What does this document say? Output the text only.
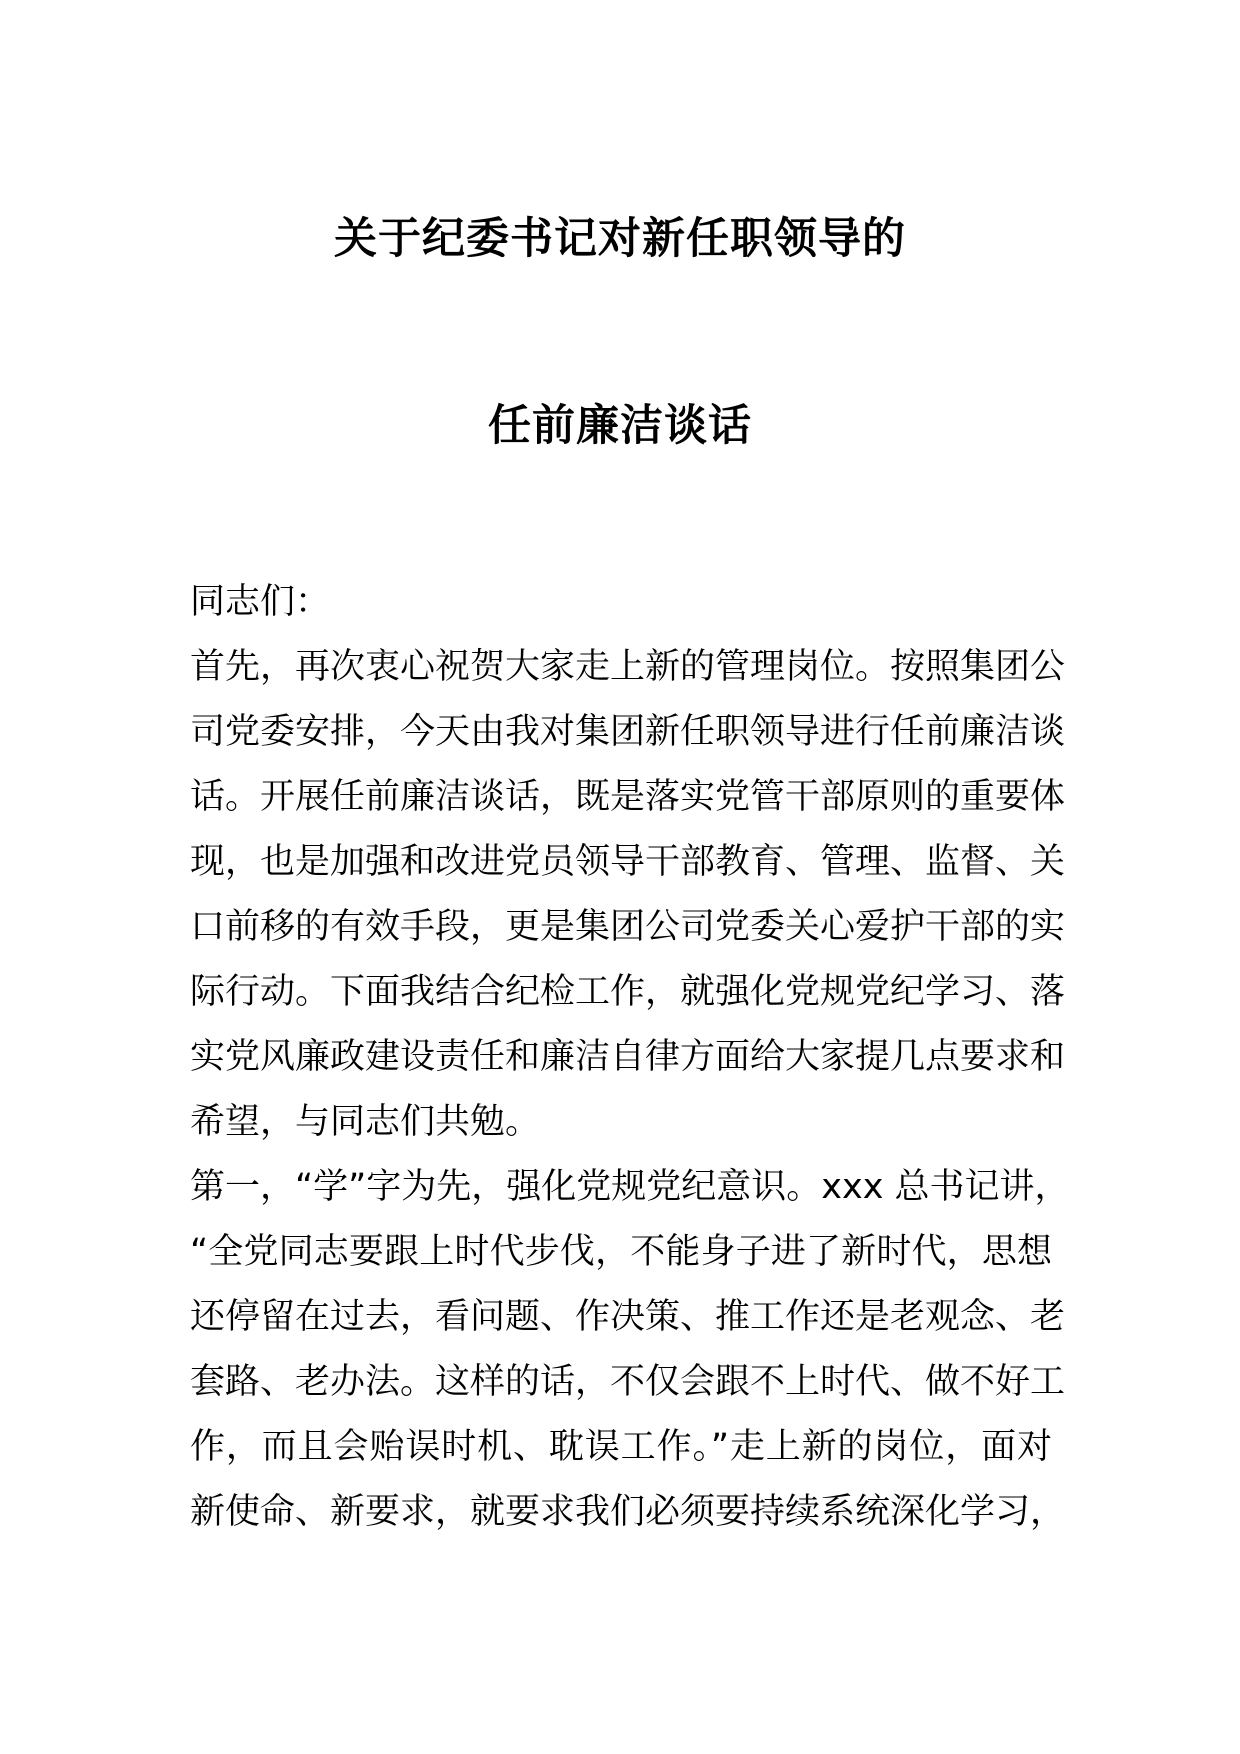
关于纪委书记对新任职领导的
任前廉洁谈话
同志们：
首先，再次衷心祝贺大家走上新的管理岗位。按照集团公
司党委安排，今天由我对集团新任职领导进行任前廉洁谈
话。开展任前廉洁谈话，既是落实党管干部原则的重要体
现，也是加强和改进党员领导干部教育、管理、监督、关
口前移的有效手段，更是集团公司党委关心爱护干部的实
际行动。下面我结合纪检工作，就强化党规党纪学习、落
实党风廉政建设责任和廉洁自律方面给大家提几点要求和
希望，与同志们共勉。
第一，“学”字为先，强化党规党纪意识。xxx 总书记讲，
“全党同志要跟上时代步伐，不能身子进了新时代，思想
还停留在过去，看问题、作决策、推工作还是老观念、老
套路、老办法。这样的话，不仅会跟不上时代、做不好工
作，而且会贻误时机、耽误工作。”走上新的岗位，面对
新使命、新要求，就要求我们必须要持续系统深化学习，
